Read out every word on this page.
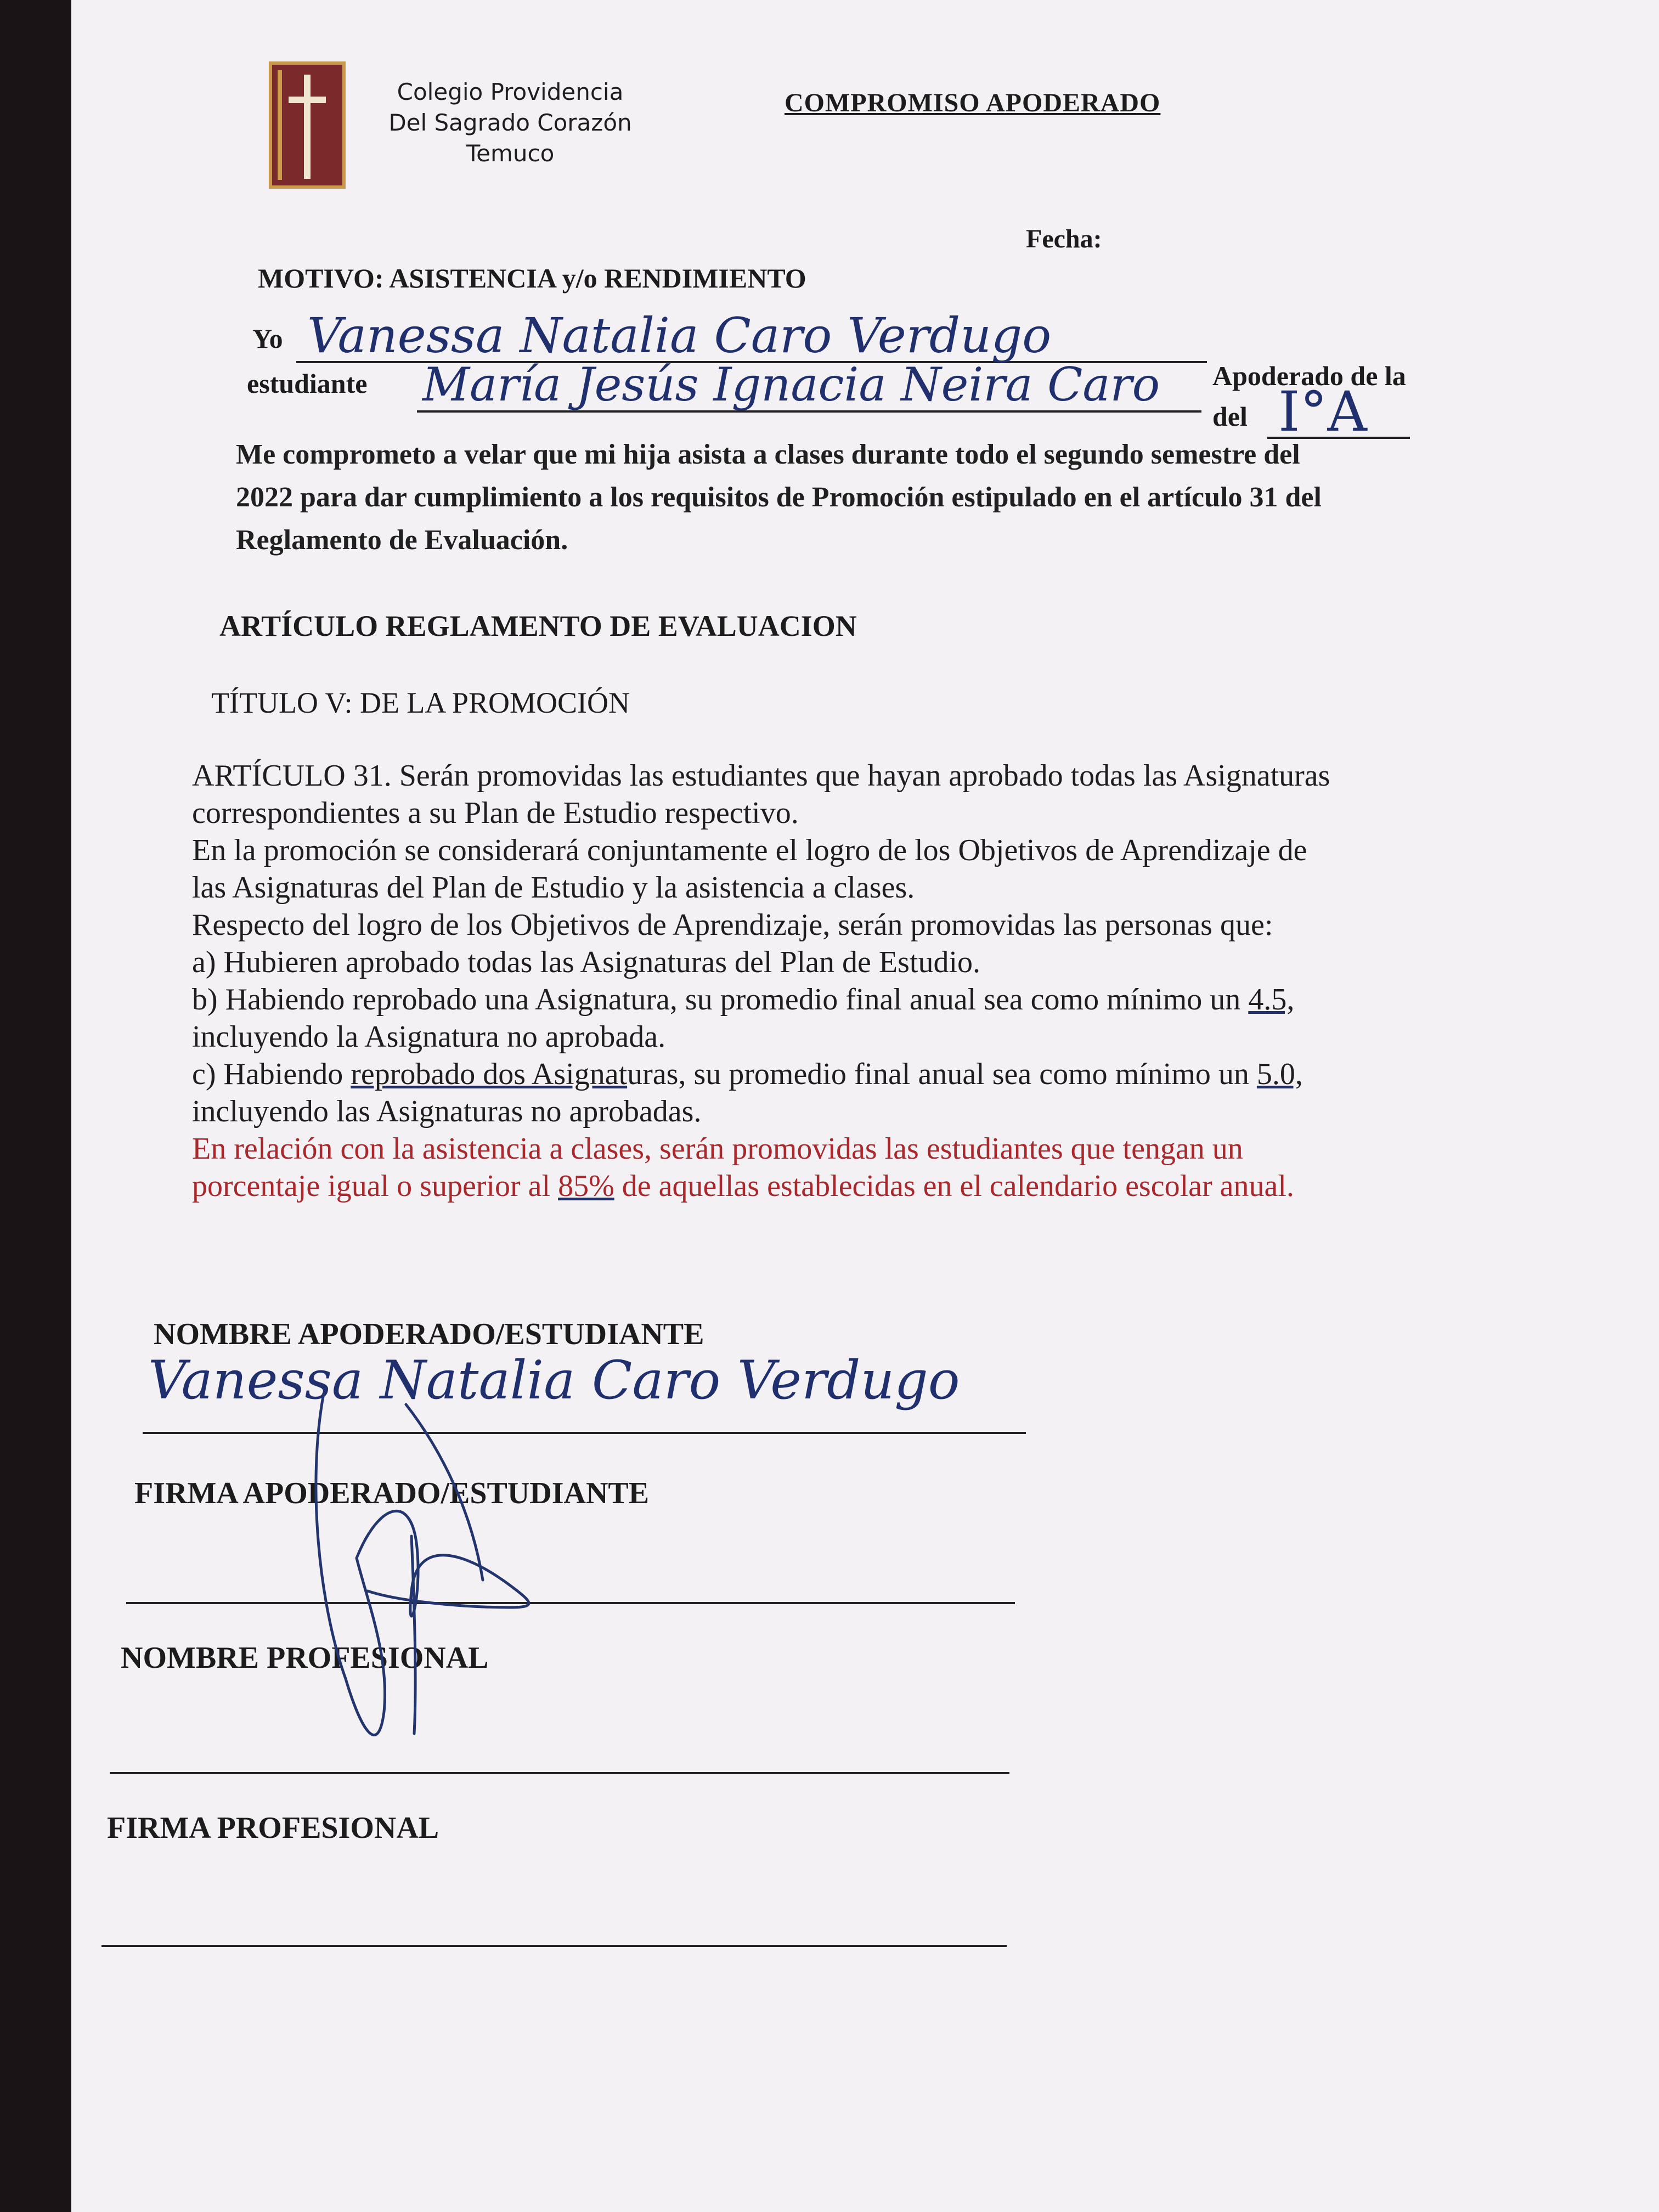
Colegio Providencia
Del Sagrado Corazón
Temuco
COMPROMISO APODERADO
Fecha:
MOTIVO: ASISTENCIA y/o RENDIMIENTO
Yo Vanessa Natalia Caro Verdugo
Apoderado de la
estudiante María Jesús Ignacia Neira Caro
del I°A
Me comprometo a velar que mi hija asista a clases durante todo el segundo semestre del
2022 para dar cumplimiento a los requisitos de Promoción estipulado en el artículo 31 del
Reglamento de Evaluación.
ARTÍCULO REGLAMENTO DE EVALUACION
TÍTULO V: DE LA PROMOCIÓN
ARTÍCULO 31. Serán promovidas las estudiantes que hayan aprobado todas las Asignaturas
correspondientes a su Plan de Estudio respectivo.
En la promoción se considerará conjuntamente el logro de los Objetivos de Aprendizaje de
las Asignaturas del Plan de Estudio y la asistencia a clases.
Respecto del logro de los Objetivos de Aprendizaje, serán promovidas las personas que:
a) Hubieren aprobado todas las Asignaturas del Plan de Estudio.
b) Habiendo reprobado una Asignatura, su promedio final anual sea como mínimo un 4.5,
incluyendo la Asignatura no aprobada.
c) Habiendo reprobado dos Asignaturas, su promedio final anual sea como mínimo un 5.0,
incluyendo las Asignaturas no aprobadas.
En relación con la asistencia a clases, serán promovidas las estudiantes que tengan un
porcentaje igual o superior al 85% de aquellas establecidas en el calendario escolar anual.
NOMBRE APODERADO/ESTUDIANTE
Vanessa Natalia Caro Verdugo
FIRMA APODERADO/ESTUDIANTE
NOMBRE PROFESIONAL
FIRMA PROFESIONAL
